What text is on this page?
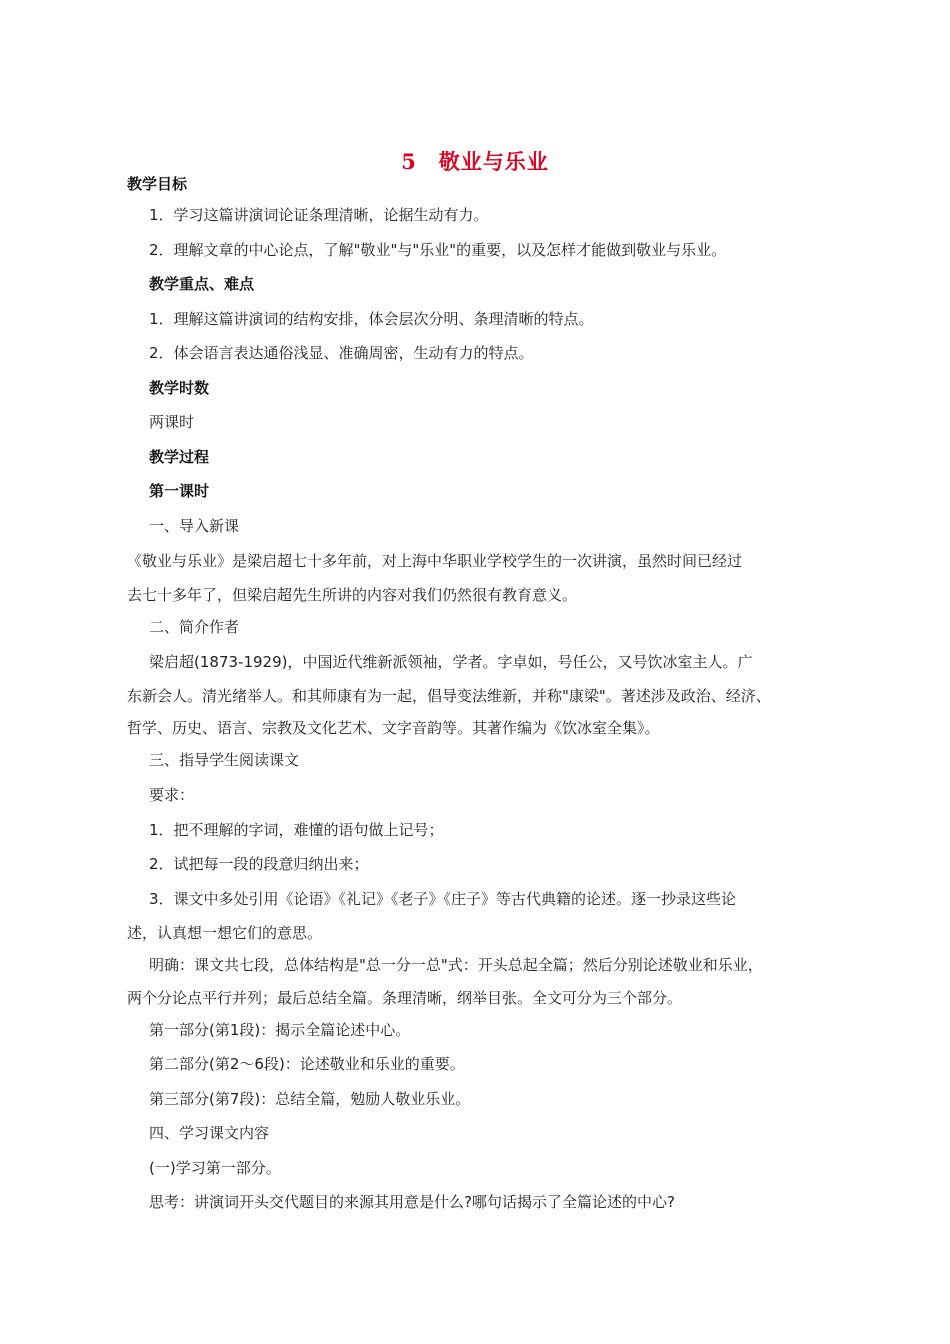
5　敬业与乐业
教学目标
1．学习这篇讲演词论证条理清晰，论据生动有力。
2．理解文章的中心论点，了解"敬业"与"乐业"的重要，以及怎样才能做到敬业与乐业。
教学重点、难点
1．理解这篇讲演词的结构安排，体会层次分明、条理清晰的特点。
2．体会语言表达通俗浅显、准确周密，生动有力的特点。
教学时数
两课时
教学过程
第一课时
一、导入新课
《敬业与乐业》是梁启超七十多年前，对上海中华职业学校学生的一次讲演，虽然时间已经过
去七十多年了，但梁启超先生所讲的内容对我们仍然很有教育意义。
二、简介作者
梁启超(1873-1929)，中国近代维新派领袖，学者。字卓如，号任公，又号饮冰室主人。广
东新会人。清光绪举人。和其师康有为一起，倡导变法维新，并称"康梁"。著述涉及政治、经济、
哲学、历史、语言、宗教及文化艺术、文字音韵等。其著作编为《饮冰室全集》。
三、指导学生阅读课文
要求：
1．把不理解的字词，难懂的语句做上记号；
2．试把每一段的段意归纳出来；
3．课文中多处引用《论语》《礼记》《老子》《庄子》等古代典籍的论述。逐一抄录这些论
述，认真想一想它们的意思。
明确：课文共七段，总体结构是"总一分一总"式：开头总起全篇；然后分别论述敬业和乐业，
两个分论点平行并列；最后总结全篇。条理清晰，纲举目张。全文可分为三个部分。
第一部分(第1段)：揭示全篇论述中心。
第二部分(第2～6段)：论述敬业和乐业的重要。
第三部分(第7段)：总结全篇，勉励人敬业乐业。
四、学习课文内容
(一)学习第一部分。
思考：讲演词开头交代题目的来源其用意是什么?哪句话揭示了全篇论述的中心?
